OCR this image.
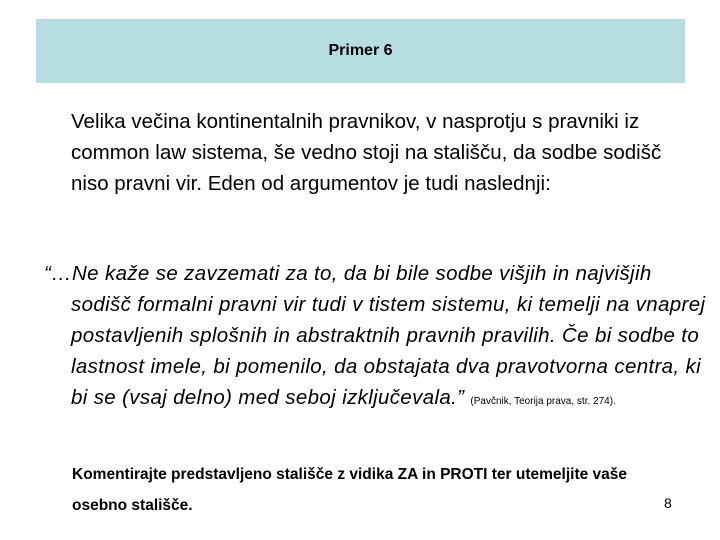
Primer 6

Velika večina kontinentalnih pravnikov, v nasprotju s pravniki iz common law sistema, še vedno stoji na stališču, da sodbe sodišč niso pravni vir. Eden od argumentov je tudi naslednji:

“…Ne kaže se zavzemati za to, da bi bile sodbe višjih in najvišjih sodišč formalni pravni vir tudi v tistem sistemu, ki temelji na vnaprej postavljenih splošnih in abstraktnih pravnih pravilih. Če bi sodbe to lastnost imele, bi pomenilo, da obstajata dva pravotvorna centra, ki bi se (vsaj delno) med seboj izključevala.” (Pavčnik, Teorija prava, str. 274).

Komentirajte predstavljeno stališče z vidika ZA in PROTI ter utemeljite vaše osebno stališče.	8
